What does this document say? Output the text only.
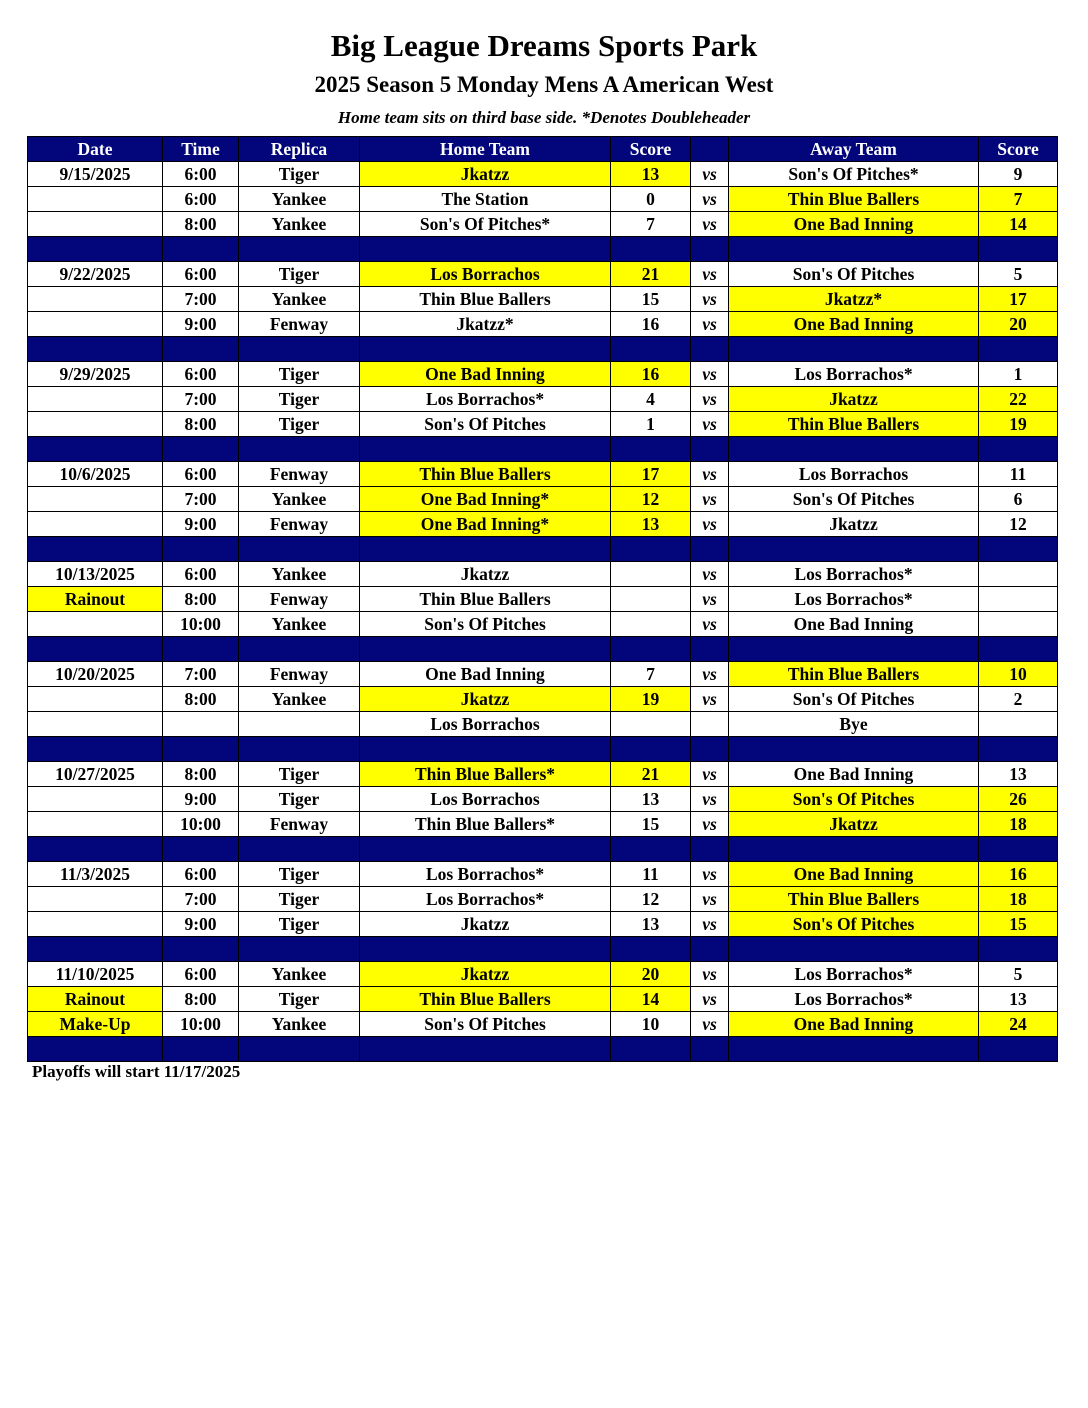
Big League Dreams Sports Park
2025 Season 5 Monday Mens A American West
Home team sits on third base side. *Denotes Doubleheader
Date	Time	Replica	Home Team	Score		Away Team	Score
9/15/2025	6:00	Tiger	Jkatzz	13	vs	Son's Of Pitches*	9
	6:00	Yankee	The Station	0	vs	Thin Blue Ballers	7
	8:00	Yankee	Son's Of Pitches*	7	vs	One Bad Inning	14

9/22/2025	6:00	Tiger	Los Borrachos	21	vs	Son's Of Pitches	5
	7:00	Yankee	Thin Blue Ballers	15	vs	Jkatzz*	17
	9:00	Fenway	Jkatzz*	16	vs	One Bad Inning	20

9/29/2025	6:00	Tiger	One Bad Inning	16	vs	Los Borrachos*	1
	7:00	Tiger	Los Borrachos*	4	vs	Jkatzz	22
	8:00	Tiger	Son's Of Pitches	1	vs	Thin Blue Ballers	19

10/6/2025	6:00	Fenway	Thin Blue Ballers	17	vs	Los Borrachos	11
	7:00	Yankee	One Bad Inning*	12	vs	Son's Of Pitches	6
	9:00	Fenway	One Bad Inning*	13	vs	Jkatzz	12

10/13/2025	6:00	Yankee	Jkatzz		vs	Los Borrachos*	
Rainout	8:00	Fenway	Thin Blue Ballers		vs	Los Borrachos*	
	10:00	Yankee	Son's Of Pitches		vs	One Bad Inning	

10/20/2025	7:00	Fenway	One Bad Inning	7	vs	Thin Blue Ballers	10
	8:00	Yankee	Jkatzz	19	vs	Son's Of Pitches	2
			Los Borrachos			Bye	

10/27/2025	8:00	Tiger	Thin Blue Ballers*	21	vs	One Bad Inning	13
	9:00	Tiger	Los Borrachos	13	vs	Son's Of Pitches	26
	10:00	Fenway	Thin Blue Ballers*	15	vs	Jkatzz	18

11/3/2025	6:00	Tiger	Los Borrachos*	11	vs	One Bad Inning	16
	7:00	Tiger	Los Borrachos*	12	vs	Thin Blue Ballers	18
	9:00	Tiger	Jkatzz	13	vs	Son's Of Pitches	15

11/10/2025	6:00	Yankee	Jkatzz	20	vs	Los Borrachos*	5
Rainout	8:00	Tiger	Thin Blue Ballers	14	vs	Los Borrachos*	13
Make-Up	10:00	Yankee	Son's Of Pitches	10	vs	One Bad Inning	24

Playoffs will start 11/17/2025
